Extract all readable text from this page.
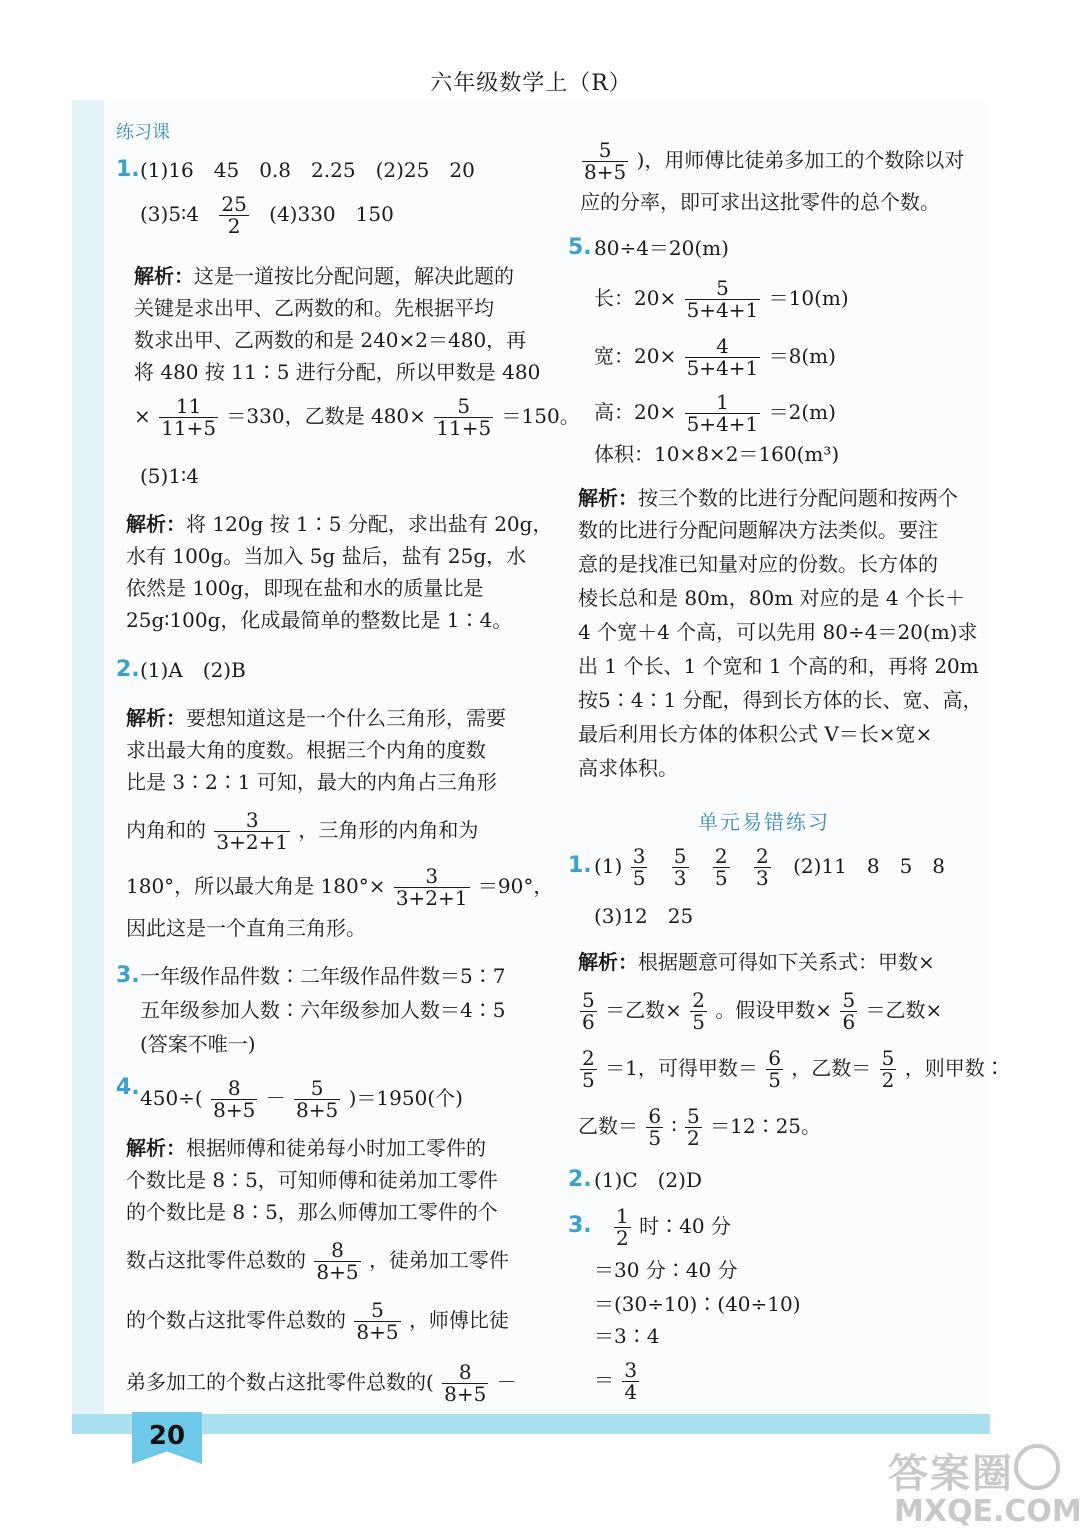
六年级数学上（R）
练习课
1. (1)16　45　0.8　2.25　(2)25　20
(3)5∶4 $\frac{25}{2} (4)330$　150
解析：这是一道按比分配问题，解决此题的
关键是求出甲、乙两数的和。先根据平均
数求出甲、乙两数的和是 240×2＝480，再
将 480 按 11∶5 进行分配，所以甲数是 480
× $\frac{11}{11+5} =330$，乙数是 $480\times \frac{5}{11+5} =150$。
(5)1∶4
解析：将 120g 按 1∶5 分配，求出盐有 20g，
水有 100g。当加入 5g 盐后，盐有 25g，水
依然是 100g，即现在盐和水的质量比是
25g∶100g，化成最简单的整数比是 1∶4。
2. (1)A　(2)B
解析：要想知道这是一个什么三角形，需要
求出最大角的度数。根据三个内角的度数
比是 3∶2∶1 可知，最大的内角占三角形
内角和的 $\frac{3}{3+2+1}$ ，三角形的内角和为
180°，所以最大角是 $180^\circ\times \frac{3}{3+2+1} =90^\circ$，
因此这是一个直角三角形。
3. 一年级作品件数∶二年级作品件数＝5∶7
五年级参加人数∶六年级参加人数＝4∶5
(答案不唯一)
4. $450\div( \frac{8}{8+5} - \frac{5}{8+5} )=1950$(个)
解析：根据师傅和徒弟每小时加工零件的
个数比是 8∶5，可知师傅和徒弟加工零件
的个数比是 8∶5，那么师傅加工零件的个
数占这批零件总数的 $\frac{8}{8+5}$ ，徒弟加工零件
的个数占这批零件总数的 $\frac{5}{8+5}$ ，师傅比徒
弟多加工的个数占这批零件总数的( $\frac{8}{8+5}$ －
$\frac{5}{8+5}$ )，用师傅比徒弟多加工的个数除以对
应的分率，即可求出这批零件的总个数。
5. 80÷4＝20(m)
长：$20\times \frac{5}{5+4+1} =10(m)$
宽：$20\times \frac{4}{5+4+1} =8(m)$
高：$20\times \frac{1}{5+4+1} =2(m)$
体积：10×8×2＝160(m³)
解析：按三个数的比进行分配问题和按两个
数的比进行分配问题解决方法类似。要注
意的是找准已知量对应的份数。长方体的
棱长总和是 80m，80m 对应的是 4 个长＋
4 个宽＋4 个高，可以先用 80÷4＝20(m)求
出 1 个长、1 个宽和 1 个高的和，再将 20m
按5∶4∶1 分配，得到长方体的长、宽、高，
最后利用长方体的体积公式 V＝长×宽×
高求体积。
单元易错练习
1. $(1) \frac{3}{5}$
$\frac{5}{3}$
$\frac{2}{5}$
$\frac{2}{3} (2)11$　8　5　8
(3)12　25
解析：根据题意可得如下关系式：甲数×
$\frac{5}{6}$ ＝乙数× $\frac{2}{5}$ 。假设甲数× $\frac{5}{6}$ ＝乙数×
$\frac{2}{5} =1$，可得甲数＝ $\frac{6}{5}$ ，乙数＝ $\frac{5}{2}$ ，则甲数∶
乙数＝ $\frac{6}{5}$ ∶ $\frac{5}{2}$ ＝12∶25。
2. (1)C　(2)D
3. $\frac{1}{2}$ 时∶40 分
＝30 分∶40 分
＝(30÷10)∶(40÷10)
＝3∶4
＝ $\frac{3}{4}$
20
答案圈
MXQE.COM
